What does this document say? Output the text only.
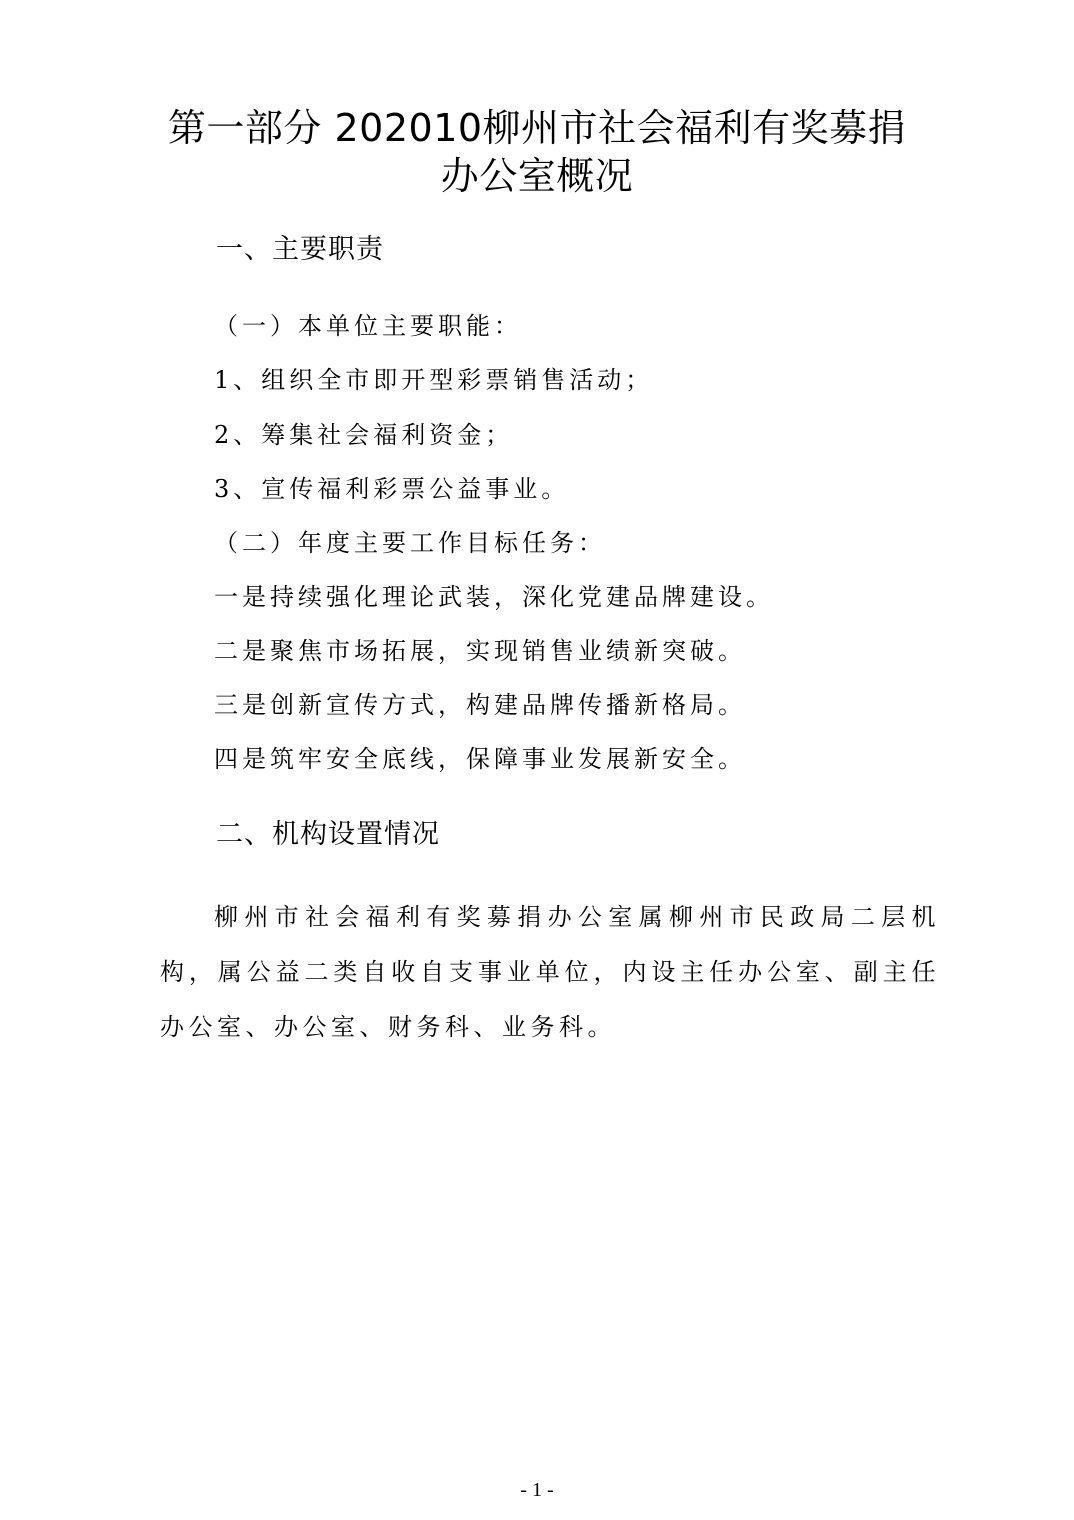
第一部分 202010柳州市社会福利有奖募捐
办公室概况
一、主要职责
（一）本单位主要职能：
1、组织全市即开型彩票销售活动；
2、筹集社会福利资金；
3、宣传福利彩票公益事业。
（二）年度主要工作目标任务：
一是持续强化理论武装，深化党建品牌建设。
二是聚焦市场拓展，实现销售业绩新突破。
三是创新宣传方式，构建品牌传播新格局。
四是筑牢安全底线，保障事业发展新安全。
二、机构设置情况
柳州市社会福利有奖募捐办公室属柳州市民政局二层机构，属公益二类自收自支事业单位，内设主任办公室、副主任办公室、办公室、财务科、业务科。
- 1 -
